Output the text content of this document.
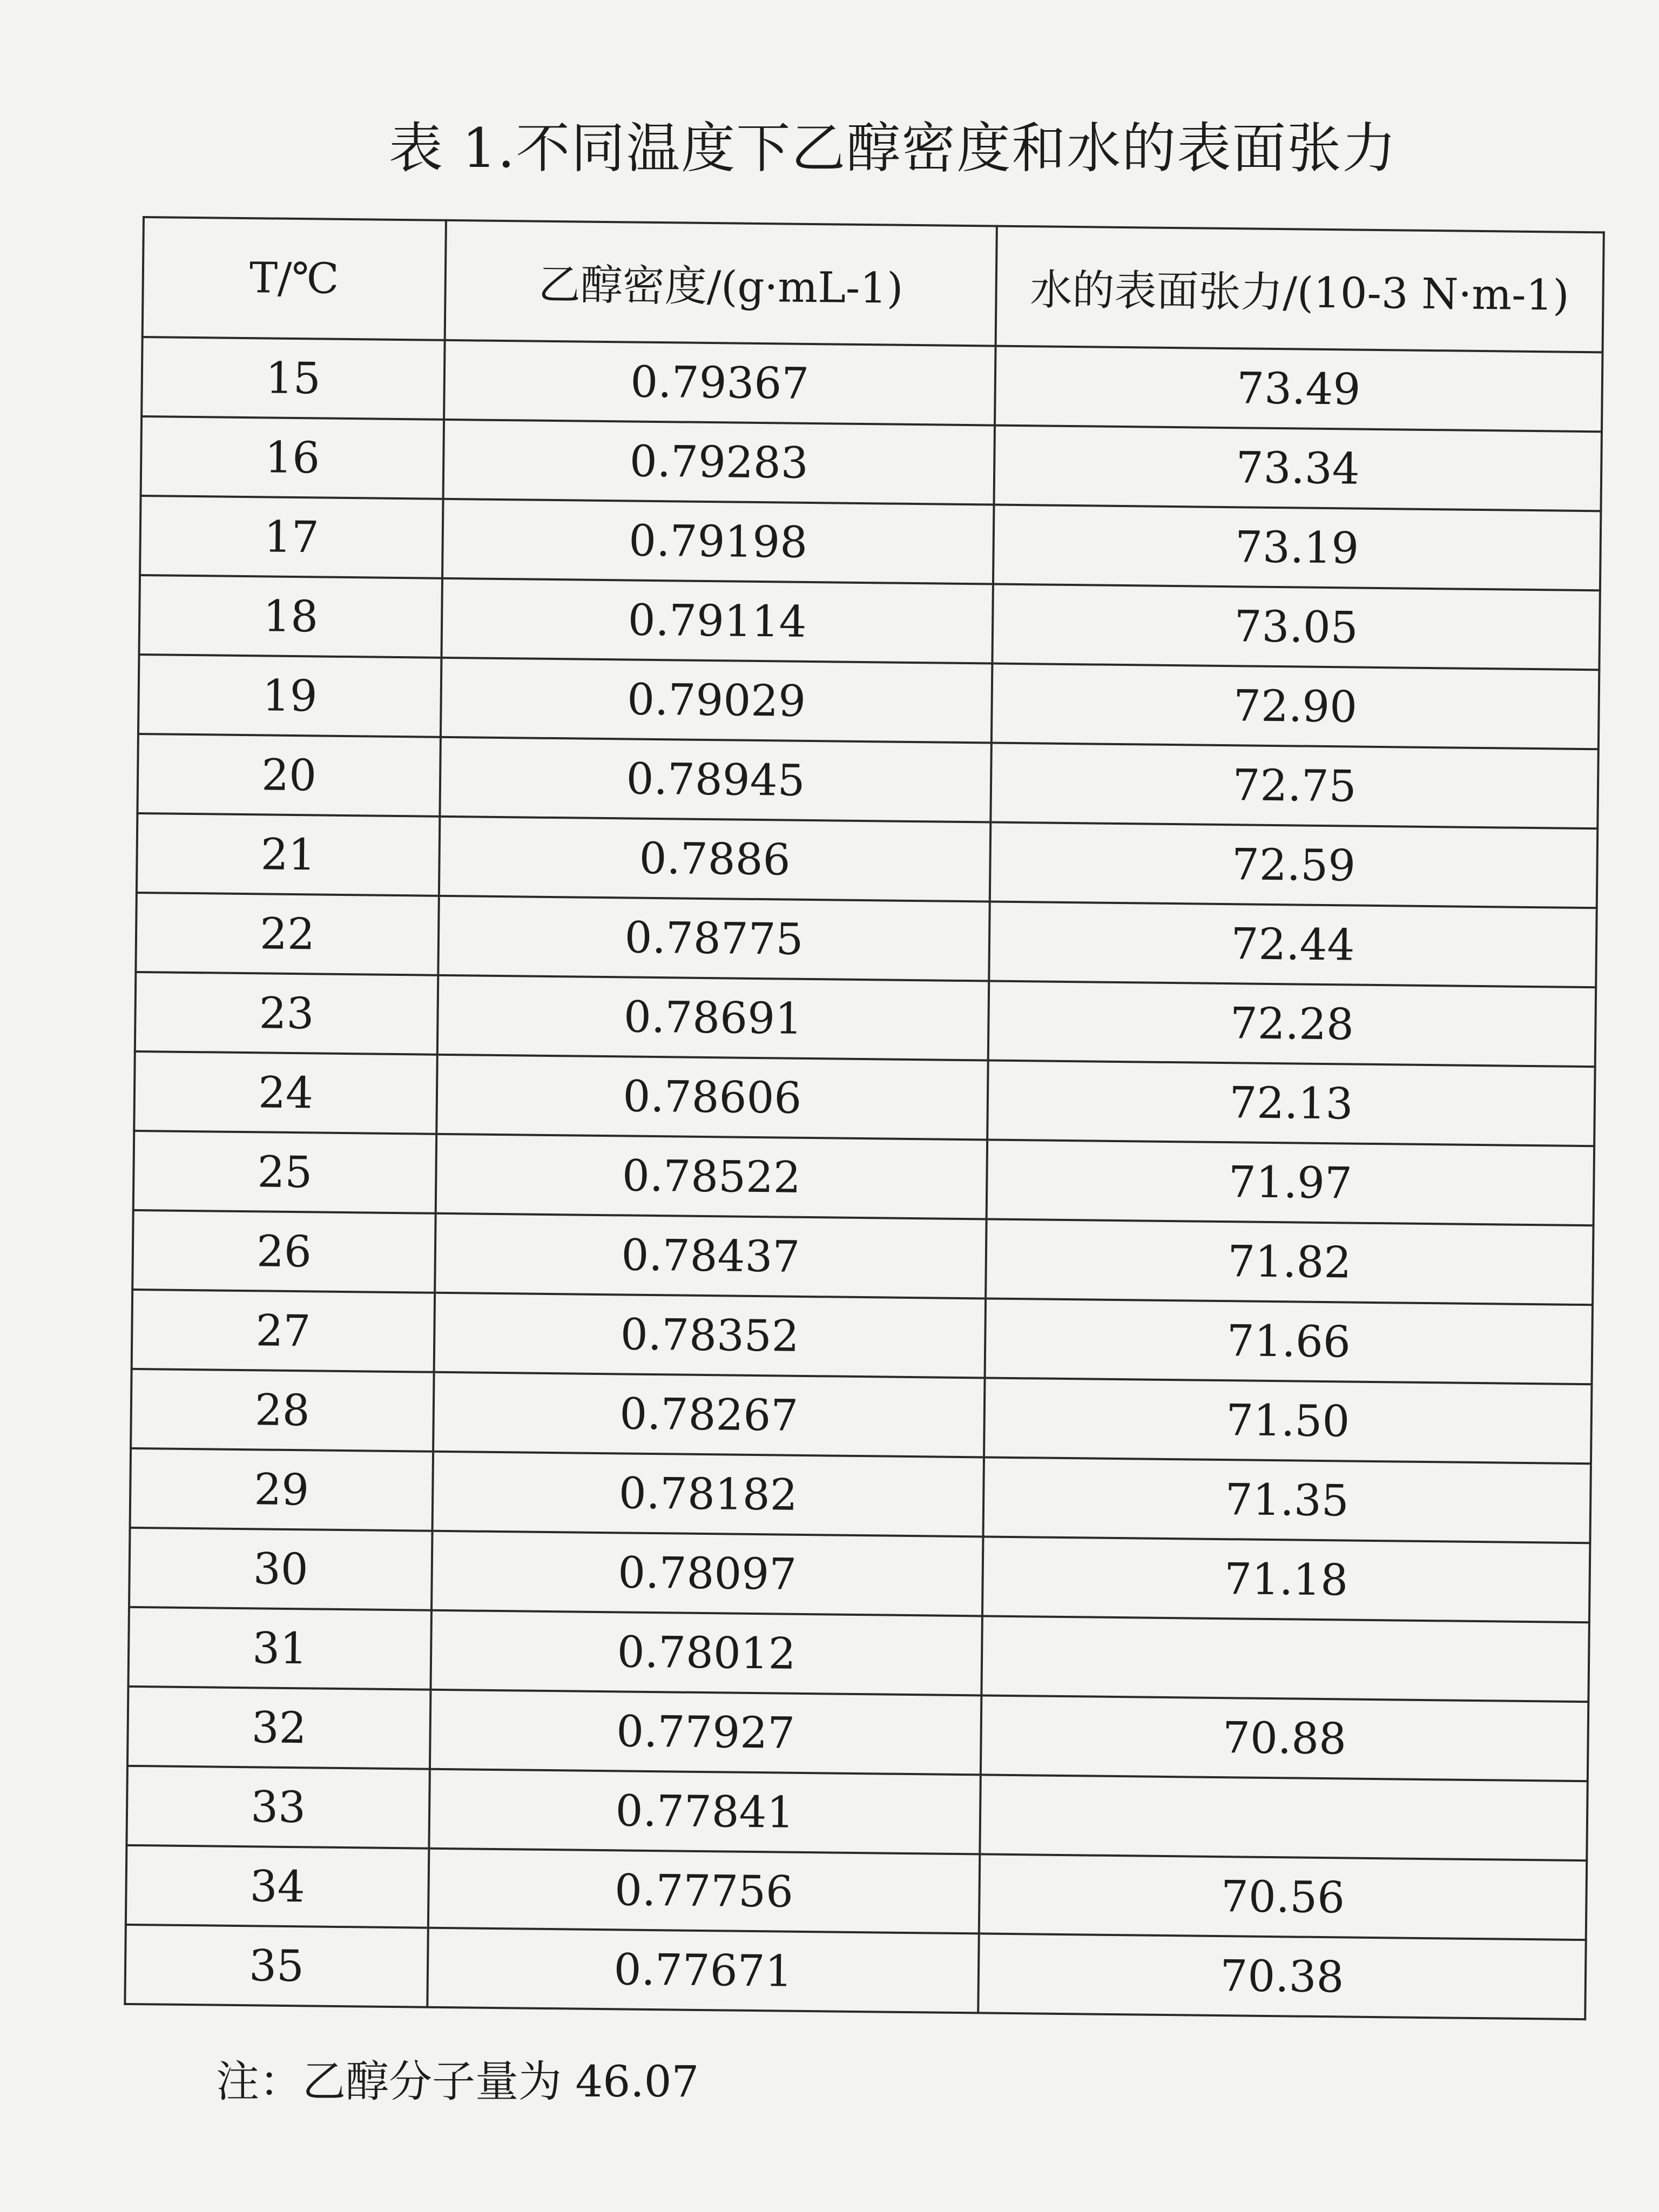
表 1.不同温度下乙醇密度和水的表面张力
T/℃	乙醇密度/(g·mL-1)	水的表面张力/(10-3 N·m-1)
15	0.79367	73.49
16	0.79283	73.34
17	0.79198	73.19
18	0.79114	73.05
19	0.79029	72.90
20	0.78945	72.75
21	0.7886	72.59
22	0.78775	72.44
23	0.78691	72.28
24	0.78606	72.13
25	0.78522	71.97
26	0.78437	71.82
27	0.78352	71.66
28	0.78267	71.50
29	0.78182	71.35
30	0.78097	71.18
31	0.78012	
32	0.77927	70.88
33	0.77841	
34	0.77756	70.56
35	0.77671	70.38
注：乙醇分子量为 46.07
